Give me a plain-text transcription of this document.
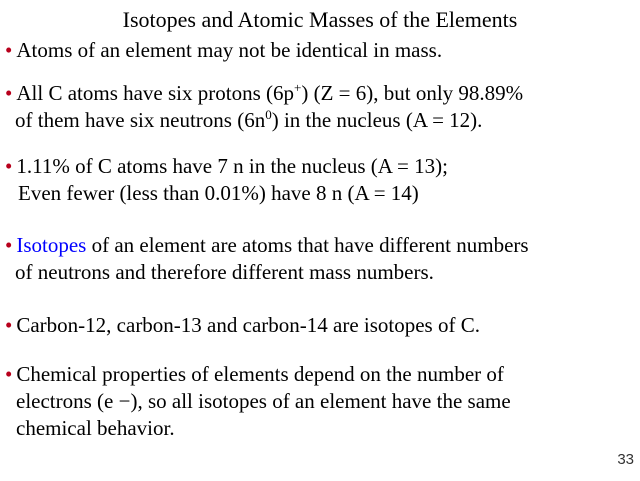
Isotopes and Atomic Masses of the Elements
• Atoms of an element may not be identical in mass.
• All C atoms have six protons (6p+) (Z = 6), but only 98.89%
of them have six neutrons $(6n^0)$ in the nucleus (A = 12).
• 1.11% of C atoms have 7 n in the nucleus (A = 13);
Even fewer (less than 0.01%) have 8 n (A = 14)
• Isotopes of an element are atoms that have different numbers
of neutrons and therefore different mass numbers.
• Carbon-12, carbon-13 and carbon-14 are isotopes of C.
• Chemical properties of elements depend on the number of
electrons (e −), so all isotopes of an element have the same
chemical behavior.
33
